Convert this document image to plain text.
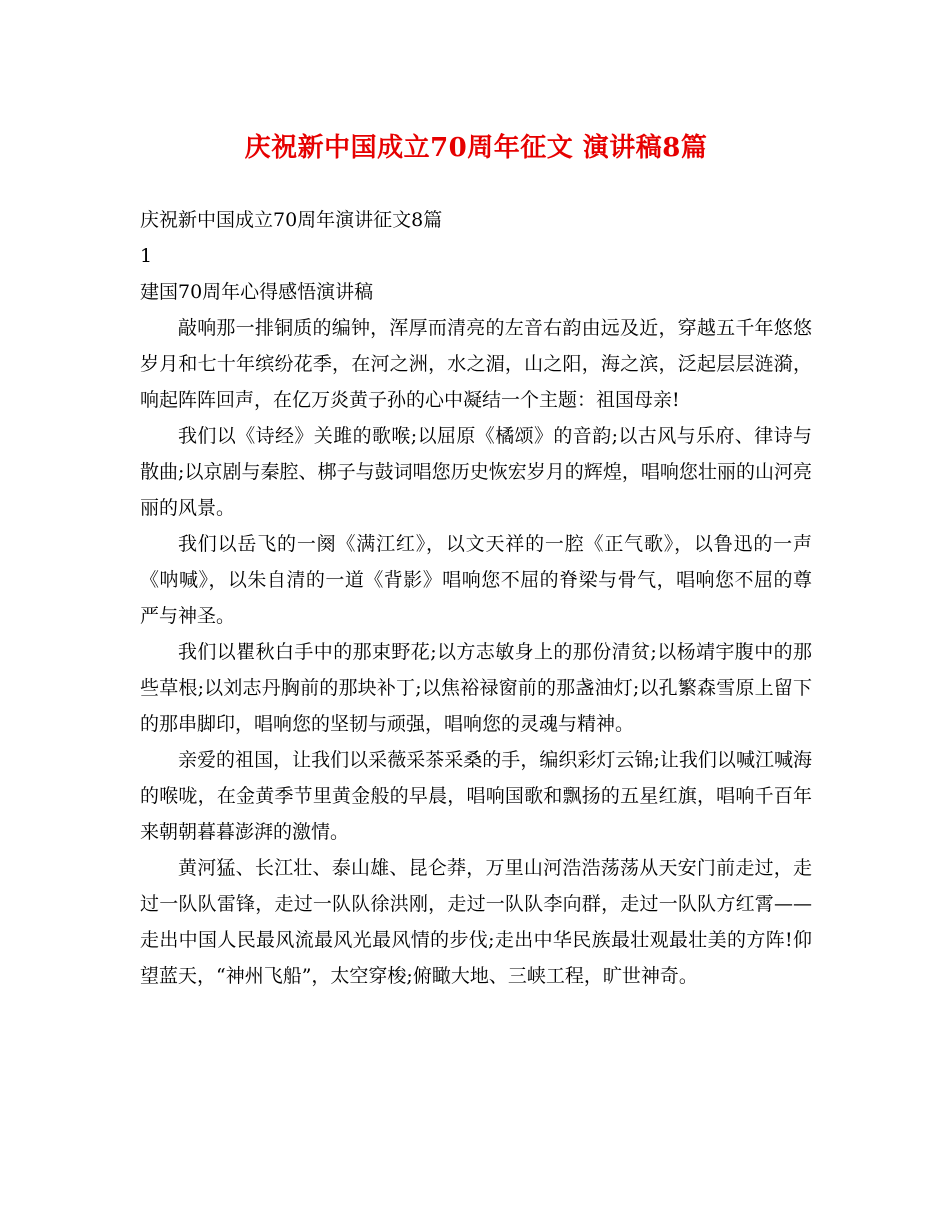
庆祝新中国成立70周年征文 演讲稿8篇

庆祝新中国成立70周年演讲征文8篇

1

建国70周年心得感悟演讲稿

敲响那一排铜质的编钟，浑厚而清亮的左音右韵由远及近，穿越五千年悠悠岁月和七十年缤纷花季，在河之洲，水之湄，山之阳，海之滨，泛起层层涟漪，响起阵阵回声，在亿万炎黄子孙的心中凝结一个主题：祖国母亲!

我们以《诗经》关雎的歌喉;以屈原《橘颂》的音韵;以古风与乐府、律诗与散曲;以京剧与秦腔、梆子与鼓词唱您历史恢宏岁月的辉煌，唱响您壮丽的山河亮丽的风景。

我们以岳飞的一阕《满江红》，以文天祥的一腔《正气歌》，以鲁迅的一声《呐喊》，以朱自清的一道《背影》唱响您不屈的脊梁与骨气，唱响您不屈的尊严与神圣。

我们以瞿秋白手中的那束野花;以方志敏身上的那份清贫;以杨靖宇腹中的那些草根;以刘志丹胸前的那块补丁;以焦裕禄窗前的那盏油灯;以孔繁森雪原上留下的那串脚印，唱响您的坚韧与顽强，唱响您的灵魂与精神。

亲爱的祖国，让我们以采薇采茶采桑的手，编织彩灯云锦;让我们以喊江喊海的喉咙，在金黄季节里黄金般的早晨，唱响国歌和飘扬的五星红旗，唱响千百年来朝朝暮暮澎湃的激情。

黄河猛、长江壮、泰山雄、昆仑莽，万里山河浩浩荡荡从天安门前走过，走过一队队雷锋，走过一队队徐洪刚，走过一队队李向群，走过一队队方红霄——走出中国人民最风流最风光最风情的步伐;走出中华民族最壮观最壮美的方阵!仰望蓝天，“神州飞船”，太空穿梭;俯瞰大地、三峡工程，旷世神奇。
